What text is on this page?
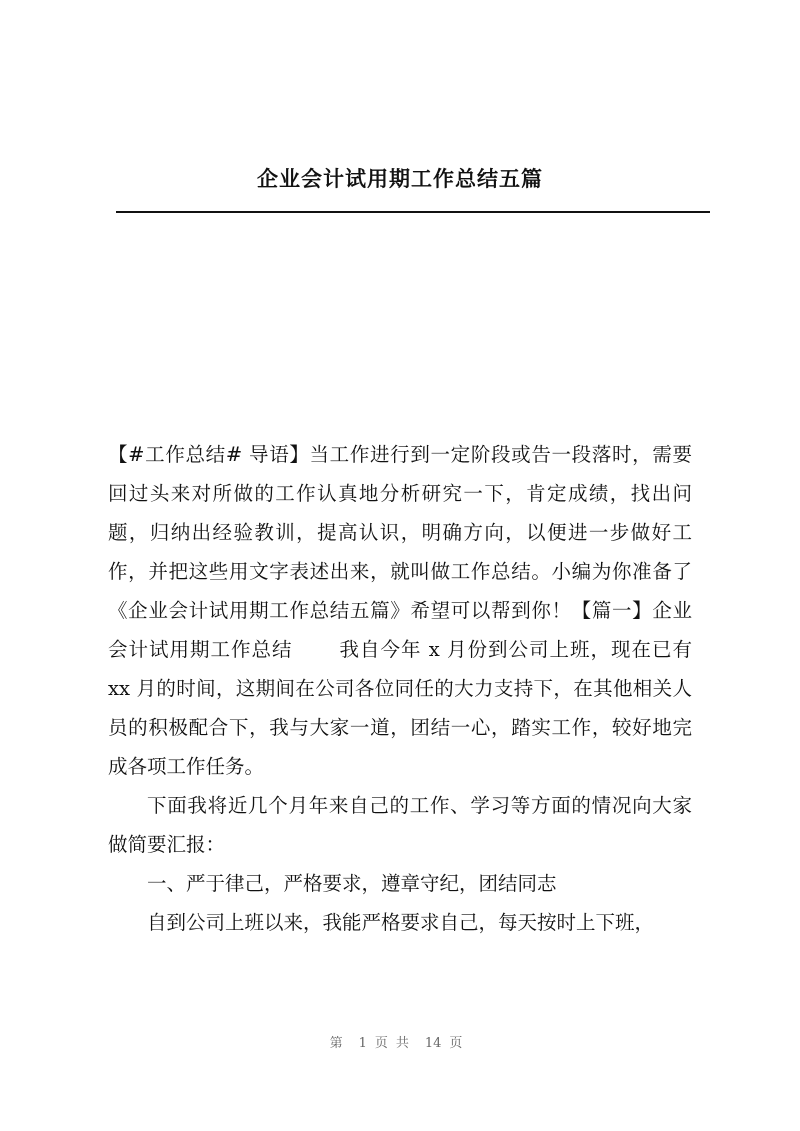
企业会计试用期工作总结五篇

【#工作总结# 导语】当工作进行到一定阶段或告一段落时，需要回过头来对所做的工作认真地分析研究一下，肯定成绩，找出问题，归纳出经验教训，提高认识，明确方向，以便进一步做好工作，并把这些用文字表述出来，就叫做工作总结。小编为你准备了《企业会计试用期工作总结五篇》希望可以帮到你！【篇一】企业会计试用期工作总结 我自今年 x 月份到公司上班，现在已有 xx 月的时间，这期间在公司各位同任的大力支持下，在其他相关人员的积极配合下，我与大家一道，团结一心，踏实工作，较好地完成各项工作任务。

下面我将近几个月年来自己的工作、学习等方面的情况向大家做简要汇报：

一、严于律己，严格要求，遵章守纪，团结同志

自到公司上班以来，我能严格要求自己，每天按时上下班，

第 1 页共 14 页
